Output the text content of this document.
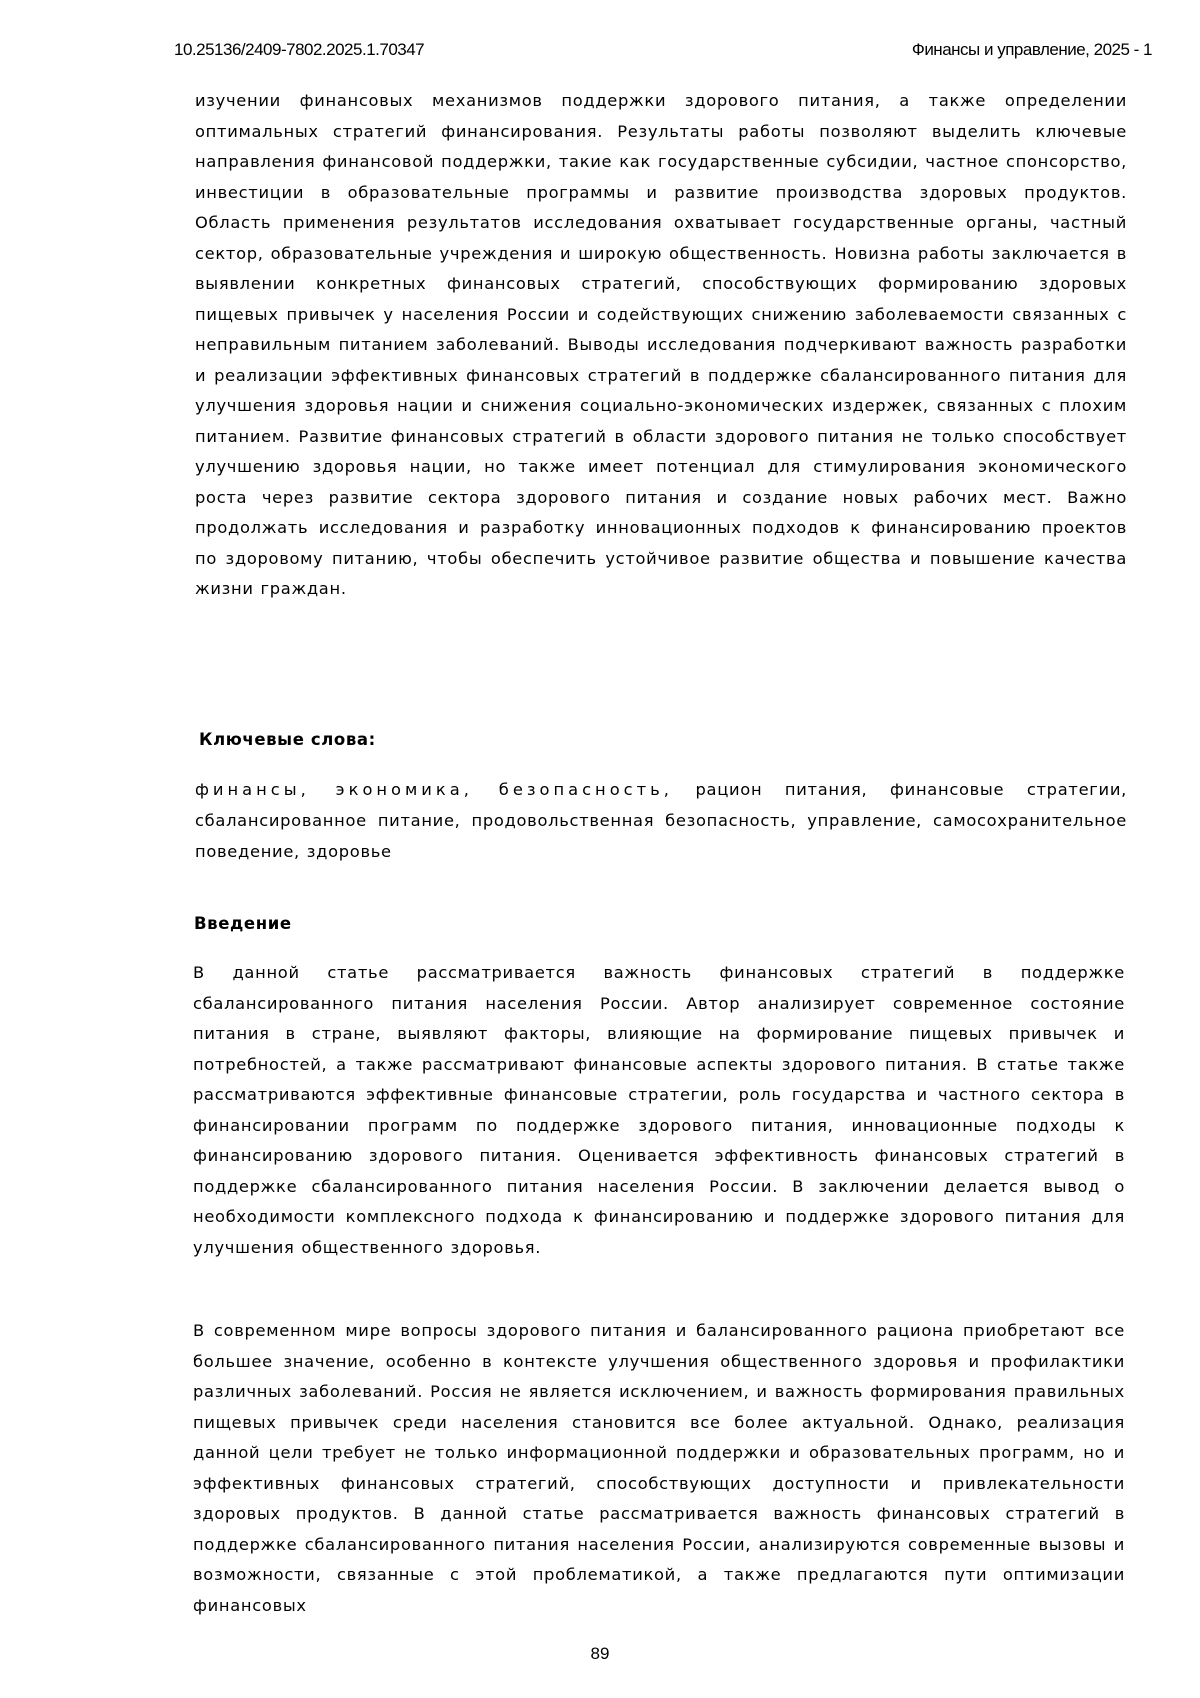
10.25136/2409-7802.2025.1.70347	Финансы и управление, 2025 - 1

изучении финансовых механизмов поддержки здорового питания, а также определении оптимальных стратегий финансирования. Результаты работы позволяют выделить ключевые направления финансовой поддержки, такие как государственные субсидии, частное спонсорство, инвестиции в образовательные программы и развитие производства здоровых продуктов. Область применения результатов исследования охватывает государственные органы, частный сектор, образовательные учреждения и широкую общественность. Новизна работы заключается в выявлении конкретных финансовых стратегий, способствующих формированию здоровых пищевых привычек у населения России и содействующих снижению заболеваемости связанных с неправильным питанием заболеваний. Выводы исследования подчеркивают важность разработки и реализации эффективных финансовых стратегий в поддержке сбалансированного питания для улучшения здоровья нации и снижения социально-экономических издержек, связанных с плохим питанием. Развитие финансовых стратегий в области здорового питания не только способствует улучшению здоровья нации, но также имеет потенциал для стимулирования экономического роста через развитие сектора здорового питания и создание новых рабочих мест. Важно продолжать исследования и разработку инновационных подходов к финансированию проектов по здоровому питанию, чтобы обеспечить устойчивое развитие общества и повышение качества жизни граждан.

Ключевые слова:

финансы, экономика, безопасность, рацион питания, финансовые стратегии, сбалансированное питание, продовольственная безопасность, управление, самосохранительное поведение, здоровье

Введение

В данной статье рассматривается важность финансовых стратегий в поддержке сбалансированного питания населения России. Автор анализирует современное состояние питания в стране, выявляют факторы, влияющие на формирование пищевых привычек и потребностей, а также рассматривают финансовые аспекты здорового питания. В статье также рассматриваются эффективные финансовые стратегии, роль государства и частного сектора в финансировании программ по поддержке здорового питания, инновационные подходы к финансированию здорового питания. Оценивается эффективность финансовых стратегий в поддержке сбалансированного питания населения России. В заключении делается вывод о необходимости комплексного подхода к финансированию и поддержке здорового питания для улучшения общественного здоровья.

В современном мире вопросы здорового питания и балансированного рациона приобретают все большее значение, особенно в контексте улучшения общественного здоровья и профилактики различных заболеваний. Россия не является исключением, и важность формирования правильных пищевых привычек среди населения становится все более актуальной. Однако, реализация данной цели требует не только информационной поддержки и образовательных программ, но и эффективных финансовых стратегий, способствующих доступности и привлекательности здоровых продуктов. В данной статье рассматривается важность финансовых стратегий в поддержке сбалансированного питания населения России, анализируются современные вызовы и возможности, связанные с этой проблематикой, а также предлагаются пути оптимизации финансовых

89
